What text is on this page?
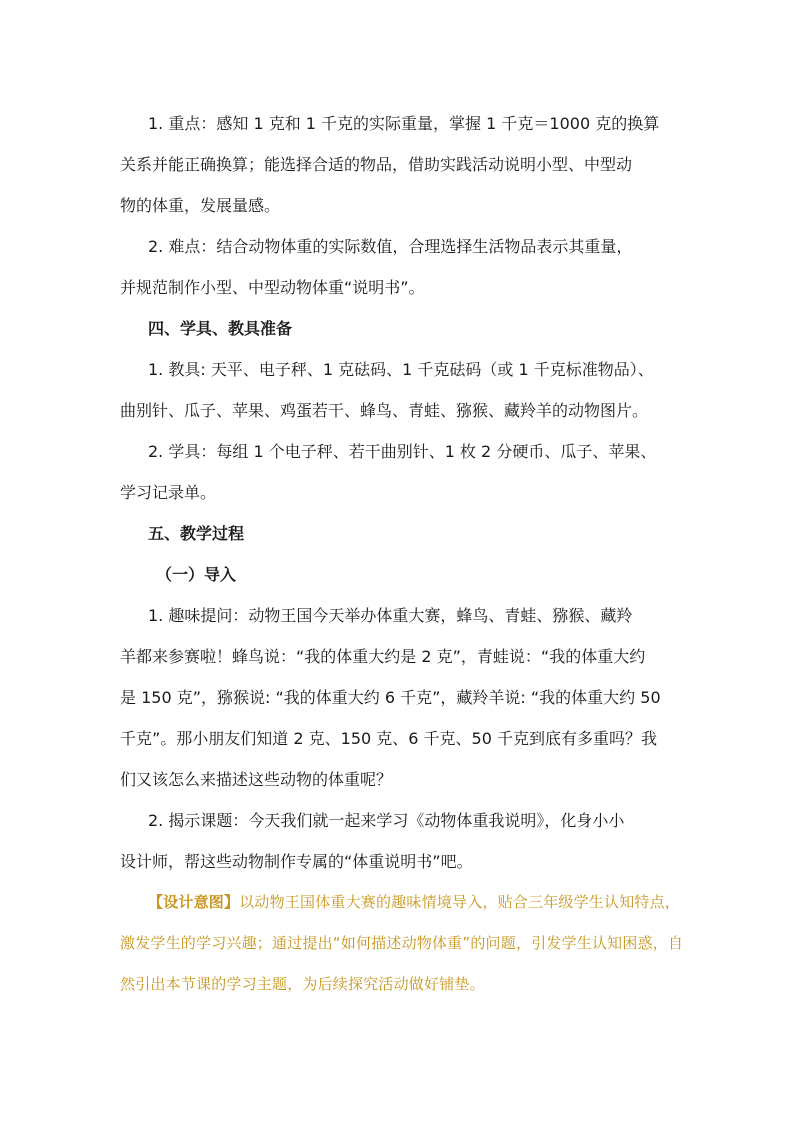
1. 重点：感知 1 克和 1 千克的实际重量，掌握 1 千克＝1000 克的换算

关系并能正确换算；能选择合适的物品，借助实践活动说明小型、中型动

物的体重，发展量感。

2. 难点：结合动物体重的实际数值，合理选择生活物品表示其重量，

并规范制作小型、中型动物体重“说明书”。

四、学具、教具准备

1. 教具: 天平、电子秤、1 克砝码、1 千克砝码（或 1 千克标准物品）、

曲别针、瓜子、苹果、鸡蛋若干、蜂鸟、青蛙、猕猴、藏羚羊的动物图片。

2. 学具：每组 1 个电子秤、若干曲别针、1 枚 2 分硬币、瓜子、苹果、

学习记录单。

五、教学过程

（一）导入

1. 趣味提问：动物王国今天举办体重大赛，蜂鸟、青蛙、猕猴、藏羚

羊都来参赛啦！蜂鸟说：“我的体重大约是 2 克”，青蛙说：“我的体重大约

是 150 克”，猕猴说: “我的体重大约 6 千克”，藏羚羊说: “我的体重大约 50

千克”。那小朋友们知道 2 克、150 克、6 千克、50 千克到底有多重吗？我

们又该怎么来描述这些动物的体重呢？

2. 揭示课题：今天我们就一起来学习《动物体重我说明》，化身小小

设计师，帮这些动物制作专属的“体重说明书”吧。

【设计意图】以动物王国体重大赛的趣味情境导入，贴合三年级学生认知特点，

激发学生的学习兴趣；通过提出“如何描述动物体重”的问题，引发学生认知困惑，自

然引出本节课的学习主题，为后续探究活动做好铺垫。
